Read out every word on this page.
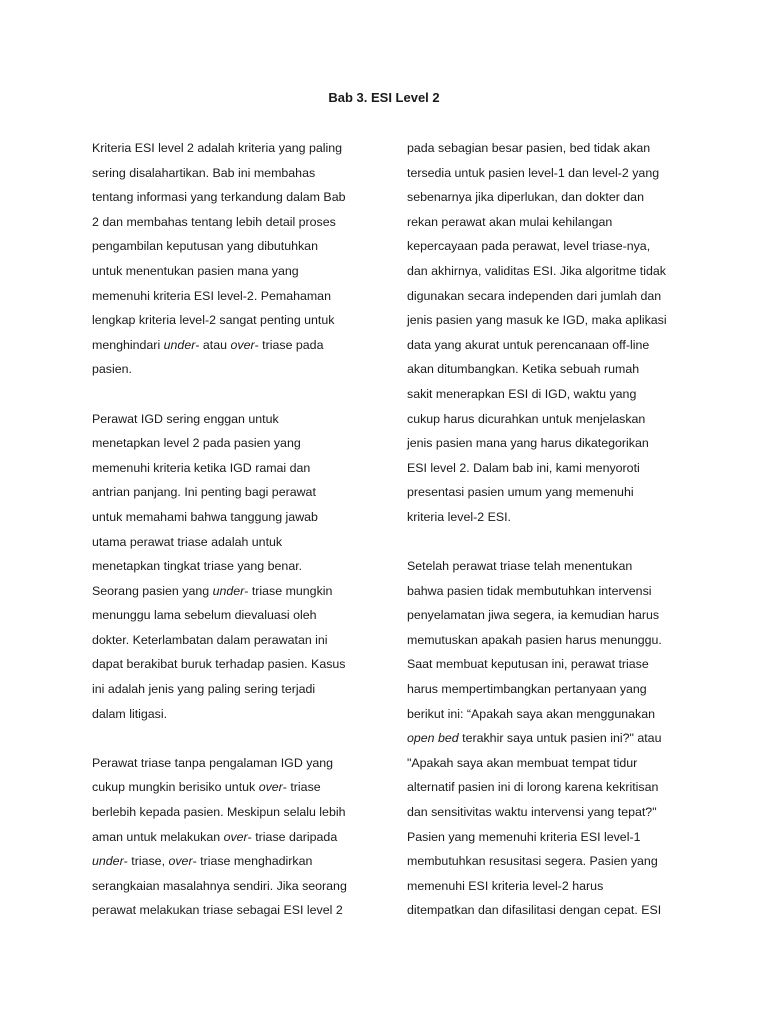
Bab 3. ESI Level 2

Kriteria ESI level 2 adalah kriteria yang paling
sering disalahartikan. Bab ini membahas
tentang informasi yang terkandung dalam Bab
2 dan membahas tentang lebih detail proses
pengambilan keputusan yang dibutuhkan
untuk menentukan pasien mana yang
memenuhi kriteria ESI level-2. Pemahaman
lengkap kriteria level-2 sangat penting untuk
menghindari under- atau over- triase pada
pasien.

Perawat IGD sering enggan untuk
menetapkan level 2 pada pasien yang
memenuhi kriteria ketika IGD ramai dan
antrian panjang. Ini penting bagi perawat
untuk memahami bahwa tanggung jawab
utama perawat triase adalah untuk
menetapkan tingkat triase yang benar.
Seorang pasien yang under- triase mungkin
menunggu lama sebelum dievaluasi oleh
dokter. Keterlambatan dalam perawatan ini
dapat berakibat buruk terhadap pasien. Kasus
ini adalah jenis yang paling sering terjadi
dalam litigasi.

Perawat triase tanpa pengalaman IGD yang
cukup mungkin berisiko untuk over- triase
berlebih kepada pasien. Meskipun selalu lebih
aman untuk melakukan over- triase daripada
under- triase, over- triase menghadirkan
serangkaian masalahnya sendiri. Jika seorang
perawat melakukan triase sebagai ESI level 2

pada sebagian besar pasien, bed tidak akan
tersedia untuk pasien level-1 dan level-2 yang
sebenarnya jika diperlukan, dan dokter dan
rekan perawat akan mulai kehilangan
kepercayaan pada perawat, level triase-nya,
dan akhirnya, validitas ESI. Jika algoritme tidak
digunakan secara independen dari jumlah dan
jenis pasien yang masuk ke IGD, maka aplikasi
data yang akurat untuk perencanaan off-line
akan ditumbangkan. Ketika sebuah rumah
sakit menerapkan ESI di IGD, waktu yang
cukup harus dicurahkan untuk menjelaskan
jenis pasien mana yang harus dikategorikan
ESI level 2. Dalam bab ini, kami menyoroti
presentasi pasien umum yang memenuhi
kriteria level-2 ESI.

Setelah perawat triase telah menentukan
bahwa pasien tidak membutuhkan intervensi
penyelamatan jiwa segera, ia kemudian harus
memutuskan apakah pasien harus menunggu.
Saat membuat keputusan ini, perawat triase
harus mempertimbangkan pertanyaan yang
berikut ini: “Apakah saya akan menggunakan
open bed terakhir saya untuk pasien ini?" atau
"Apakah saya akan membuat tempat tidur
alternatif pasien ini di lorong karena kekritisan
dan sensitivitas waktu intervensi yang tepat?"
Pasien yang memenuhi kriteria ESI level-1
membutuhkan resusitasi segera. Pasien yang
memenuhi ESI kriteria level-2 harus
ditempatkan dan difasilitasi dengan cepat. ESI
